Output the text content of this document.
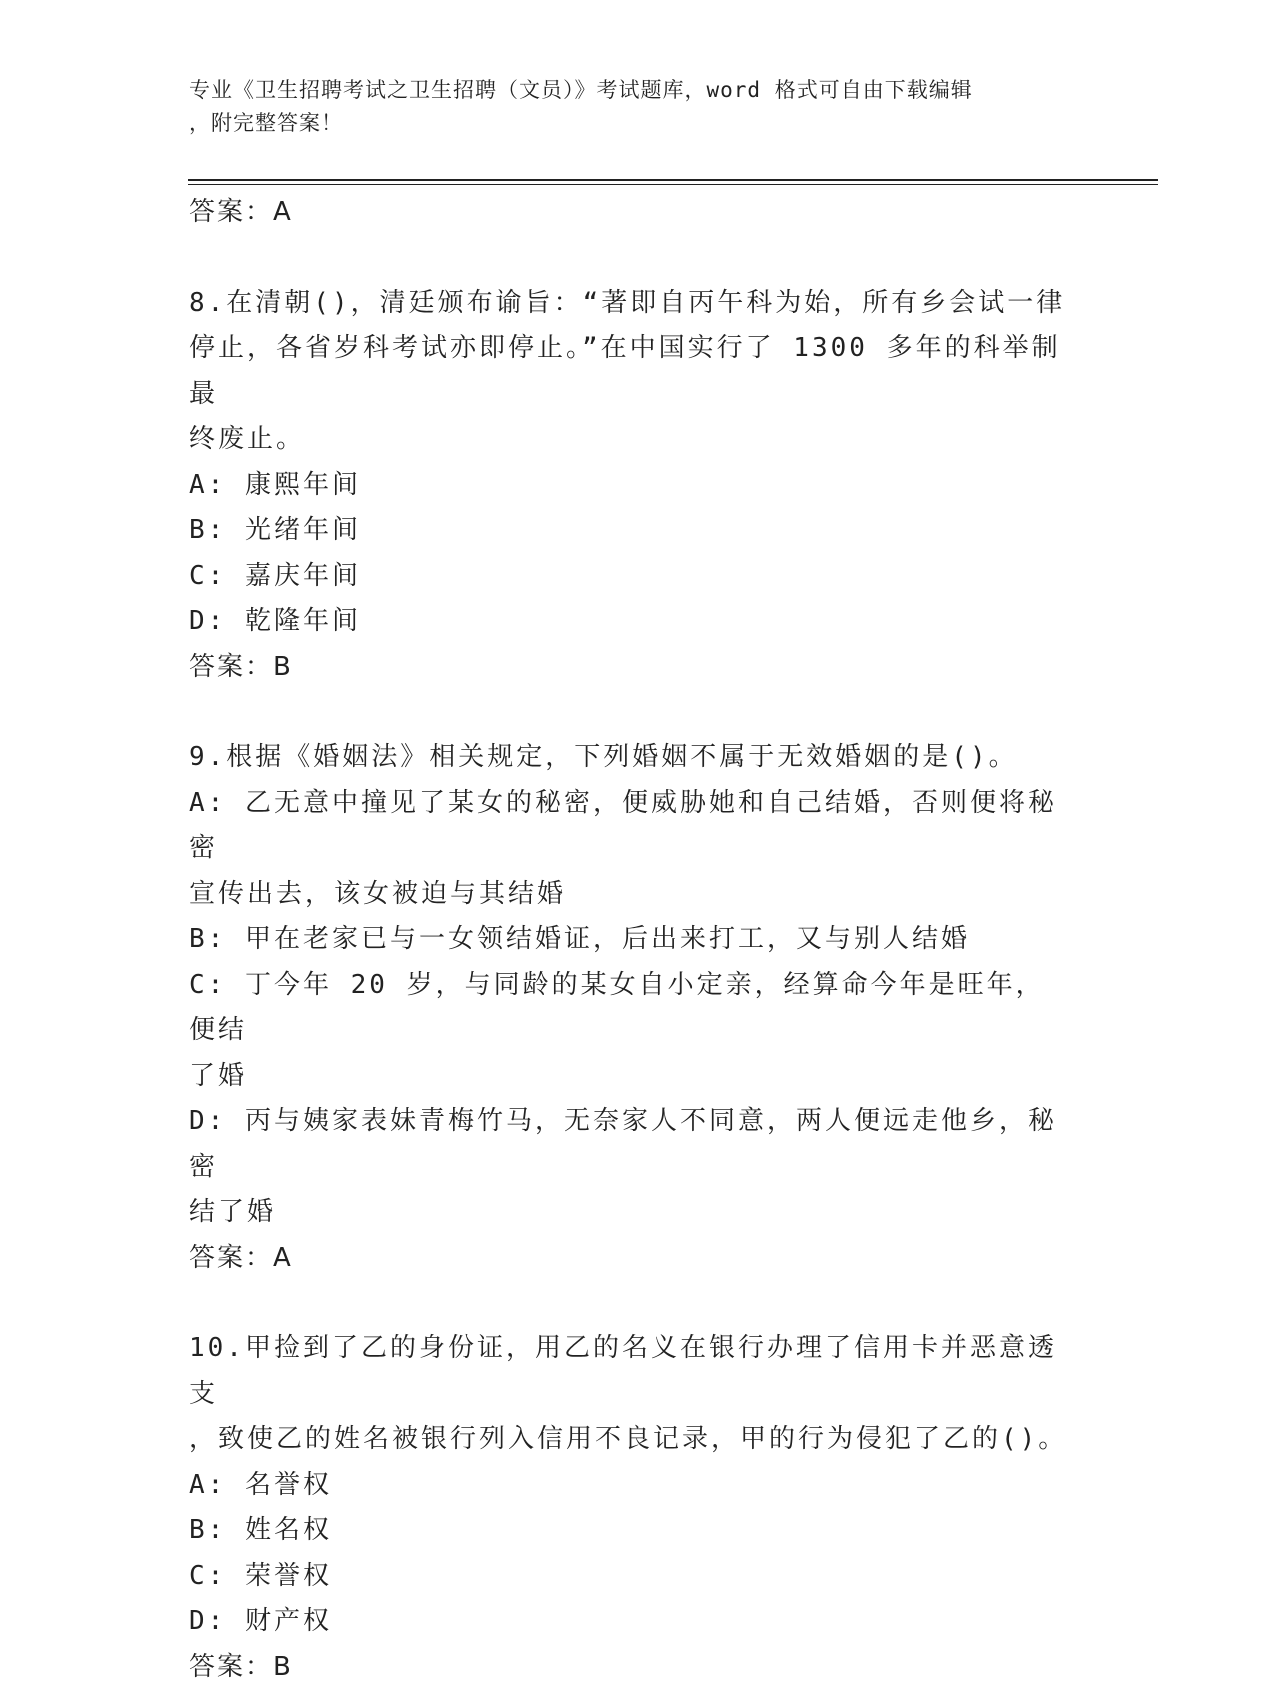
专业《卫生招聘考试之卫生招聘（文员）》考试题库，word 格式可自由下载编辑
，附完整答案！
答案：A
8.在清朝()，清廷颁布谕旨：“著即自丙午科为始，所有乡会试一律
停止，各省岁科考试亦即停止。”在中国实行了 1300 多年的科举制最
终废止。
A: 康熙年间
B: 光绪年间
C: 嘉庆年间
D: 乾隆年间
答案：B
9.根据《婚姻法》相关规定，下列婚姻不属于无效婚姻的是()。
A: 乙无意中撞见了某女的秘密，便威胁她和自己结婚，否则便将秘密
宣传出去，该女被迫与其结婚
B: 甲在老家已与一女领结婚证，后出来打工，又与别人结婚
C: 丁今年 20 岁，与同龄的某女自小定亲，经算命今年是旺年，便结
了婚
D: 丙与姨家表妹青梅竹马，无奈家人不同意，两人便远走他乡，秘密
结了婚
答案：A
10.甲捡到了乙的身份证，用乙的名义在银行办理了信用卡并恶意透支
，致使乙的姓名被银行列入信用不良记录，甲的行为侵犯了乙的()。
A: 名誉权
B: 姓名权
C: 荣誉权
D: 财产权
答案：B
